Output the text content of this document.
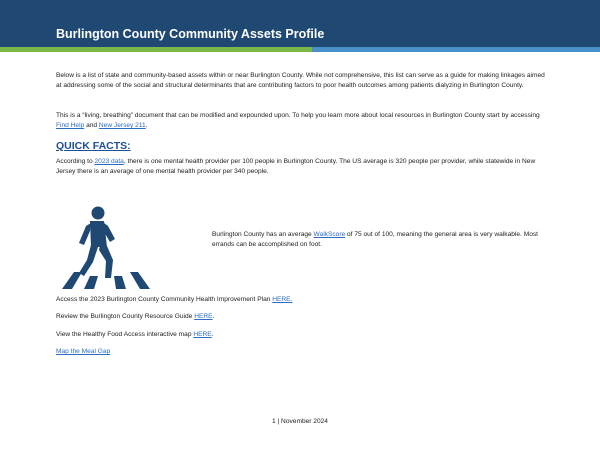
Burlington County Community Assets Profile

Below is a list of state and community-based assets within or near Burlington County. While not comprehensive, this list can serve as a guide for making linkages aimed at addressing some of the social and structural determinants that are contributing factors to poor health outcomes among patients dialyzing in Burlington County.

This is a “living, breathing” document that can be modified and expounded upon. To help you learn more about local resources in Burlington County start by accessing Find Help and New Jersey 211.

QUICK FACTS:

According to 2023 data, there is one mental health provider per 100 people in Burlington County. The US average is 320 people per provider, while statewide in New Jersey there is an average of one mental health provider per 340 people.

Burlington County has an average WalkScore of 75 out of 100, meaning the general area is very walkable. Most errands can be accomplished on foot.

Access the 2023 Burlington County Community Health Improvement Plan HERE.

Review the Burlington County Resource Guide HERE.

View the Healthy Food Access interactive map HERE.

Map the Meal Gap

1 | November 2024
